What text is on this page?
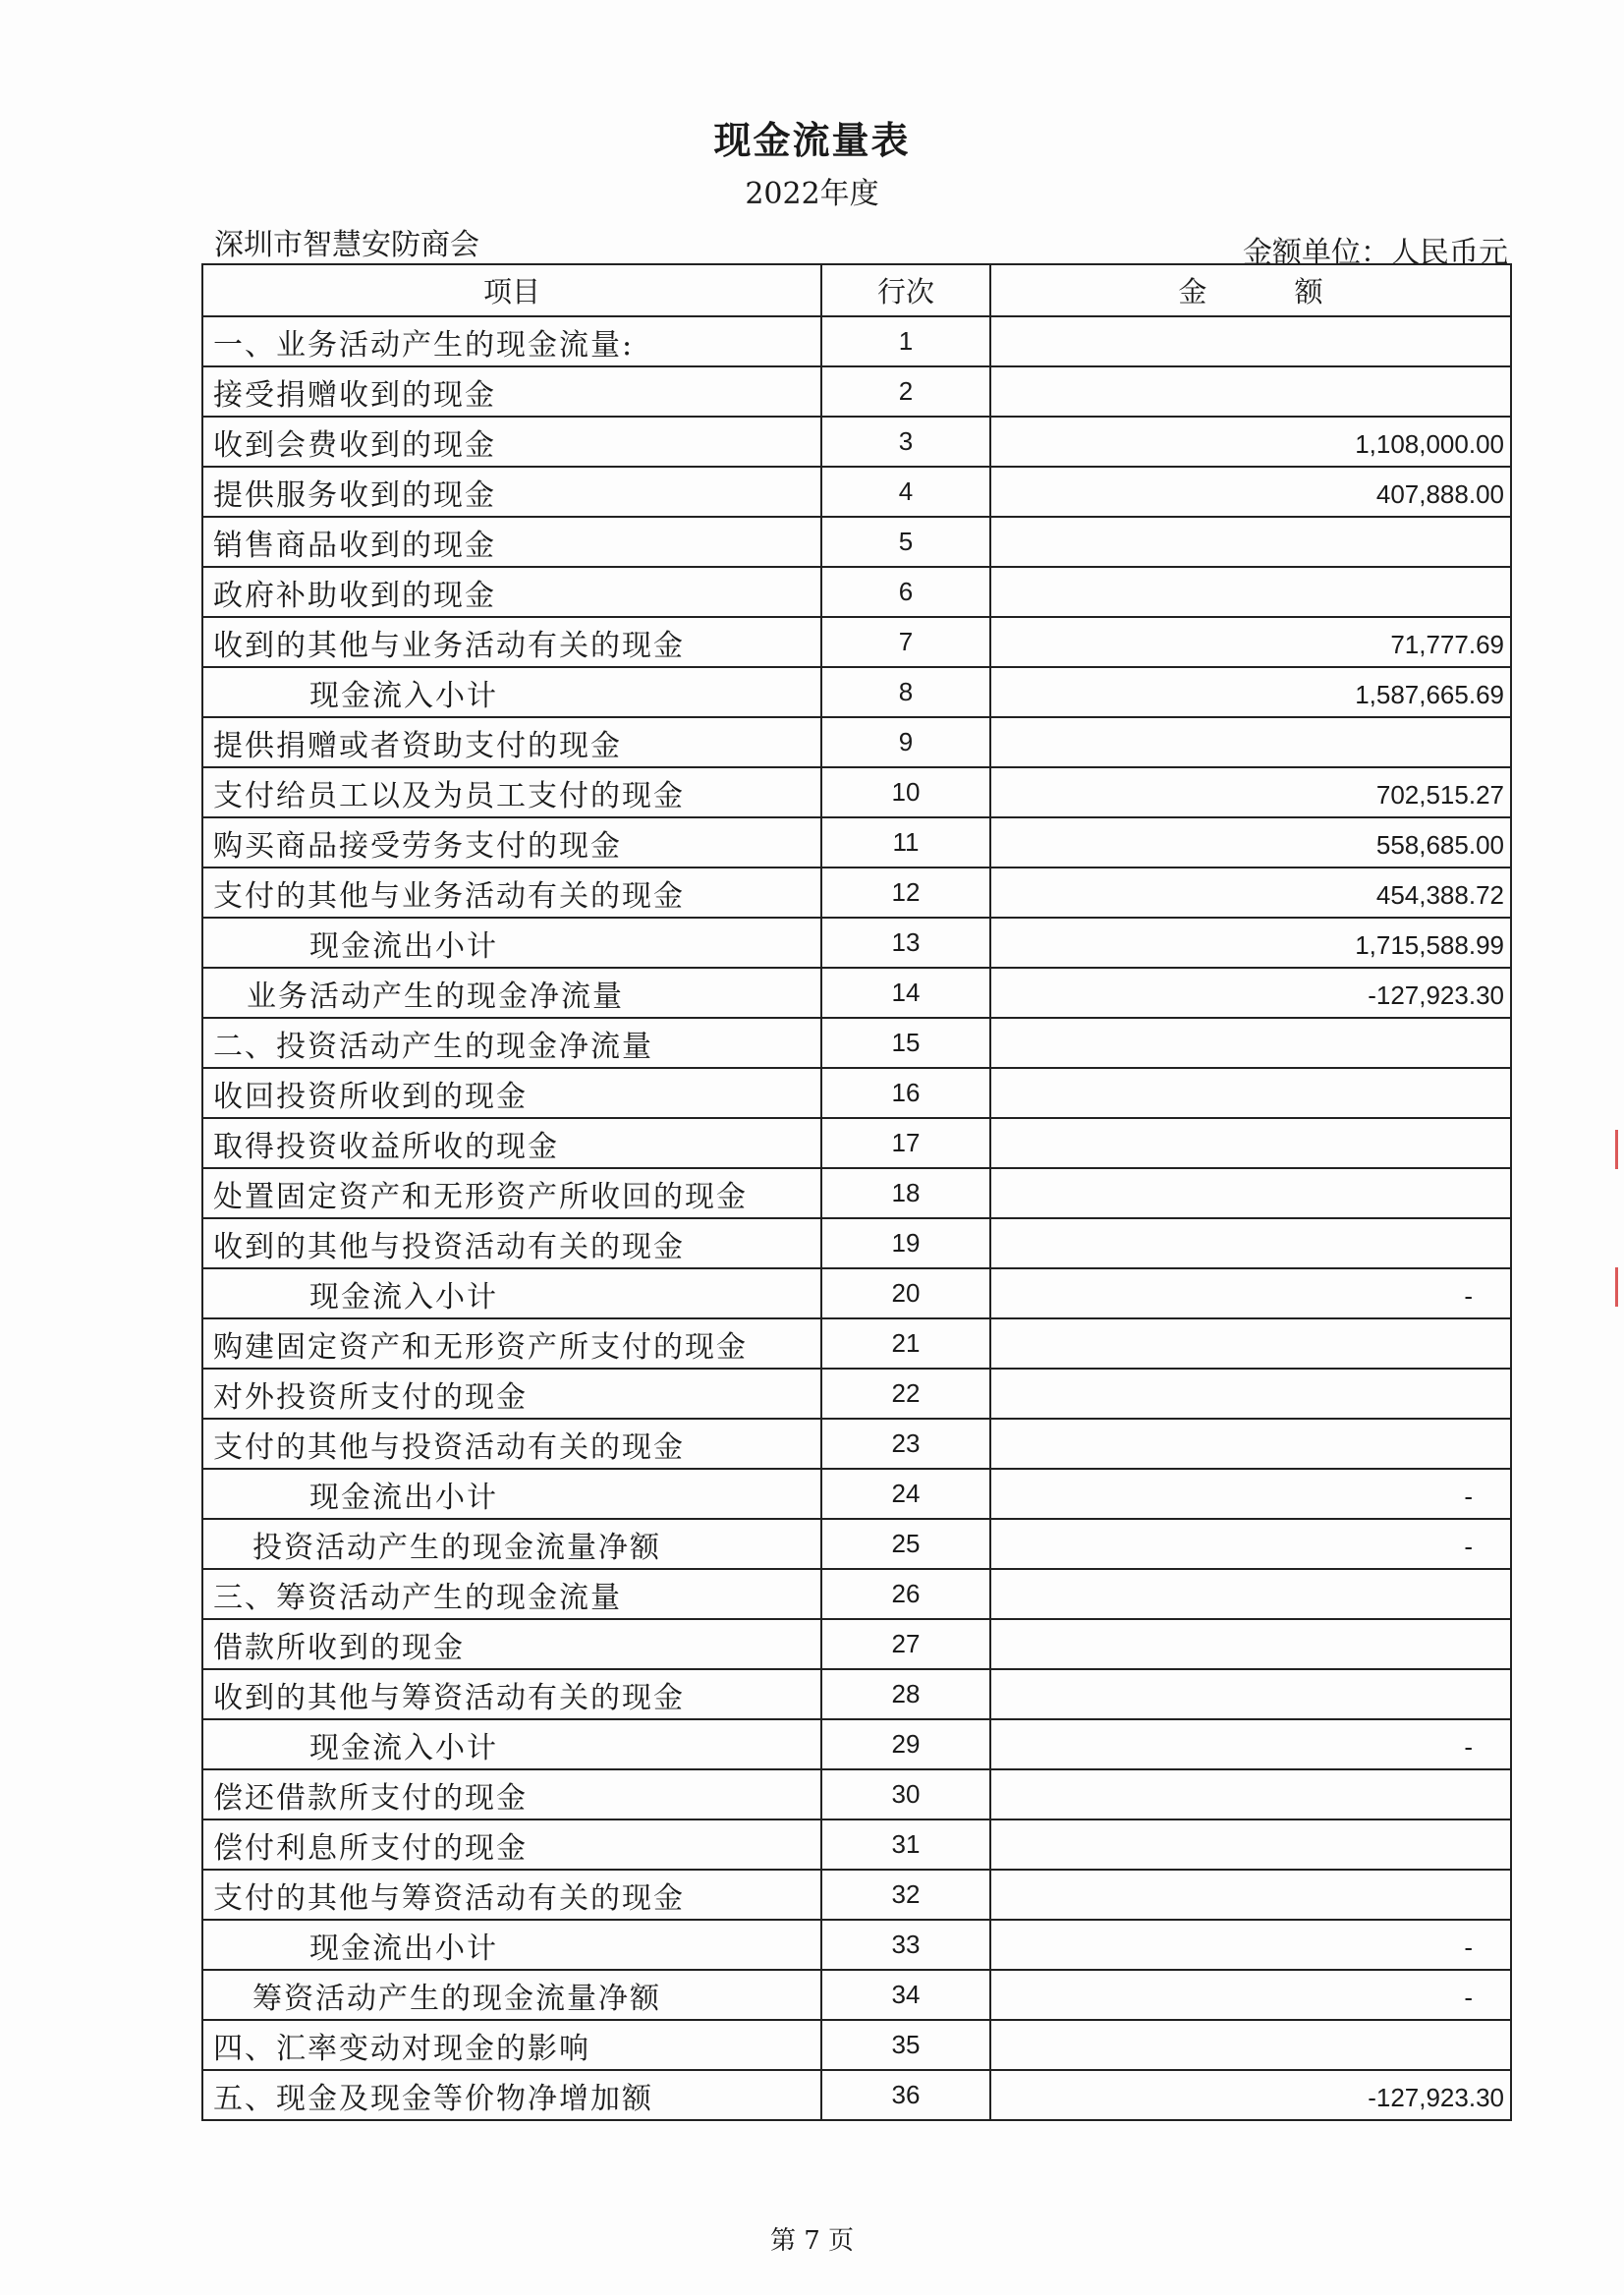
现金流量表
2022年度
深圳市智慧安防商会	金额单位：人民币元
项目	行次	金 额
一、业务活动产生的现金流量:	1	
接受捐赠收到的现金	2	
收到会费收到的现金	3	1,108,000.00
提供服务收到的现金	4	407,888.00
销售商品收到的现金	5	
政府补助收到的现金	6	
收到的其他与业务活动有关的现金	7	71,777.69
现金流入小计	8	1,587,665.69
提供捐赠或者资助支付的现金	9	
支付给员工以及为员工支付的现金	10	702,515.27
购买商品接受劳务支付的现金	11	558,685.00
支付的其他与业务活动有关的现金	12	454,388.72
现金流出小计	13	1,715,588.99
业务活动产生的现金净流量	14	-127,923.30
二、投资活动产生的现金净流量	15	
收回投资所收到的现金	16	
取得投资收益所收的现金	17	
处置固定资产和无形资产所收回的现金	18	
收到的其他与投资活动有关的现金	19	
现金流入小计	20	-
购建固定资产和无形资产所支付的现金	21	
对外投资所支付的现金	22	
支付的其他与投资活动有关的现金	23	
现金流出小计	24	-
投资活动产生的现金流量净额	25	-
三、筹资活动产生的现金流量	26	
借款所收到的现金	27	
收到的其他与筹资活动有关的现金	28	
现金流入小计	29	-
偿还借款所支付的现金	30	
偿付利息所支付的现金	31	
支付的其他与筹资活动有关的现金	32	
现金流出小计	33	-
筹资活动产生的现金流量净额	34	-
四、汇率变动对现金的影响	35	
五、现金及现金等价物净增加额	36	-127,923.30
第 7 页
